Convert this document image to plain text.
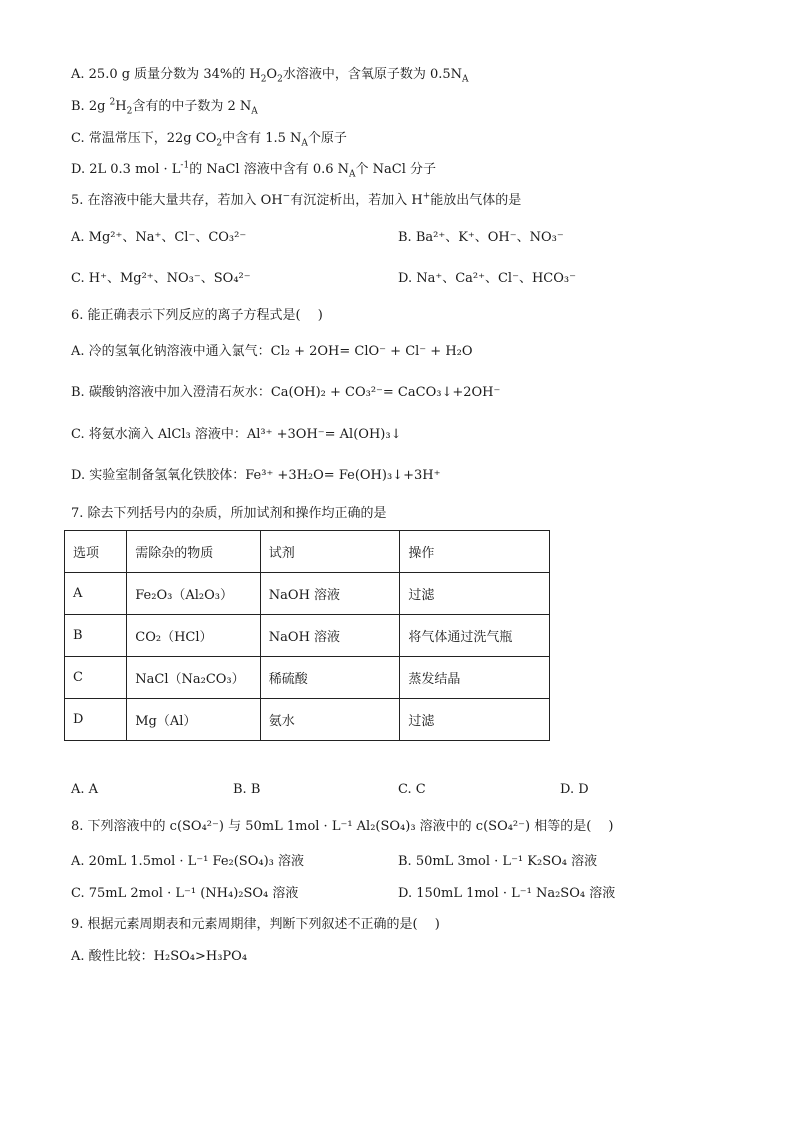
A. 25.0 g 质量分数为 34%的 $H_2O_2$水溶液中，含氧原子数为 $0.5N_A$
B. 2g $^2H_2$含有的中子数为 2 $N_A$
C. 常温常压下，22g $CO_2$中含有 1.5 $N_A$个原子
D. 2L 0.3 mol · $L^{-1}$的 NaCl 溶液中含有 0.6 $N_A$个 NaCl 分子
5. 在溶液中能大量共存，若加入 OH−有沉淀析出，若加入 H+能放出气体的是
A. Mg²⁺、Na⁺、Cl⁻、CO₃²⁻	B. Ba²⁺、K⁺、OH⁻、NO₃⁻
C. H⁺、Mg²⁺、NO₃⁻、SO₄²⁻	D. Na⁺、Ca²⁺、Cl⁻、HCO₃⁻
6. 能正确表示下列反应的离子方程式是(　 )
A. 冷的氢氧化钠溶液中通入氯气：Cl₂ + 2OH= ClO⁻ + Cl⁻ + H₂O
B. 碳酸钠溶液中加入澄清石灰水：Ca(OH)₂ + CO₃²⁻= CaCO₃↓+2OH⁻
C. 将氨水滴入 AlCl₃ 溶液中：Al³⁺ +3OH⁻= Al(OH)₃↓
D. 实验室制备氢氧化铁胶体：Fe³⁺ +3H₂O= Fe(OH)₃↓+3H⁺
7. 除去下列括号内的杂质，所加试剂和操作均正确的是
选项	需除杂的物质	试剂	操作
A	Fe₂O₃（Al₂O₃）	NaOH 溶液	过滤
B	CO₂（HCl）	NaOH 溶液	将气体通过洗气瓶
C	NaCl（Na₂CO₃）	稀硫酸	蒸发结晶
D	Mg（Al）	氨水	过滤
A. A	B. B	C. C	D. D
8. 下列溶液中的 c(SO₄²⁻) 与 50mL 1mol · L⁻¹ Al₂(SO₄)₃ 溶液中的 c(SO₄²⁻) 相等的是(　 )
A. 20mL 1.5mol · L⁻¹ Fe₂(SO₄)₃ 溶液	B. 50mL 3mol · L⁻¹ K₂SO₄ 溶液
C. 75mL 2mol · L⁻¹ (NH₄)₂SO₄ 溶液	D. 150mL 1mol · L⁻¹ Na₂SO₄ 溶液
9. 根据元素周期表和元素周期律，判断下列叙述不正确的是(　 )
A. 酸性比较：H₂SO₄>H₃PO₄
